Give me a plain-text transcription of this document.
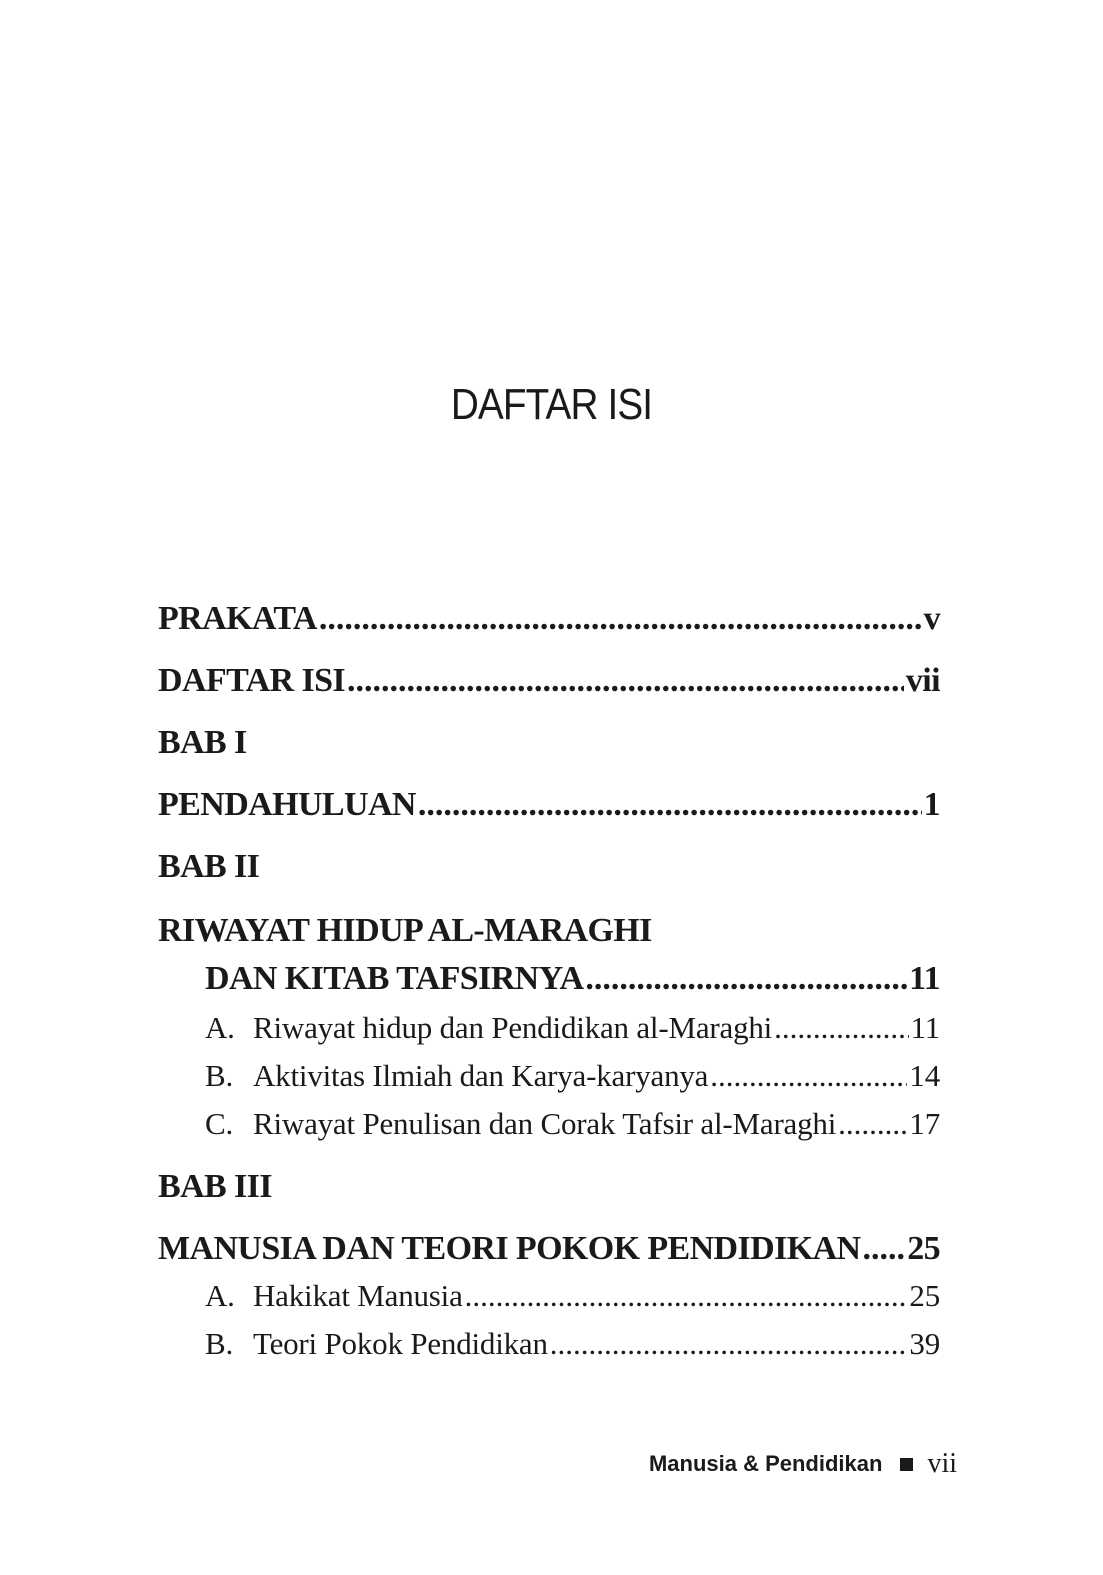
DAFTAR ISI
PRAKATA .....	v
DAFTAR ISI .....	vii
BAB I
PENDAHULUAN .....	1
BAB II
RIWAYAT HIDUP AL-MARAGHI
DAN KITAB TAFSIRNYA .....	11
A. Riwayat hidup dan Pendidikan al-Maraghi .....	11
B. Aktivitas Ilmiah dan Karya-karyanya .....	14
C. Riwayat Penulisan dan Corak Tafsir al-Maraghi ..... 17
BAB III
MANUSIA DAN TEORI POKOK PENDIDIKAN ..... 25
A. Hakikat Manusia .....	25
B. Teori Pokok Pendidikan .....	39
Manusia & Pendidikan vii
